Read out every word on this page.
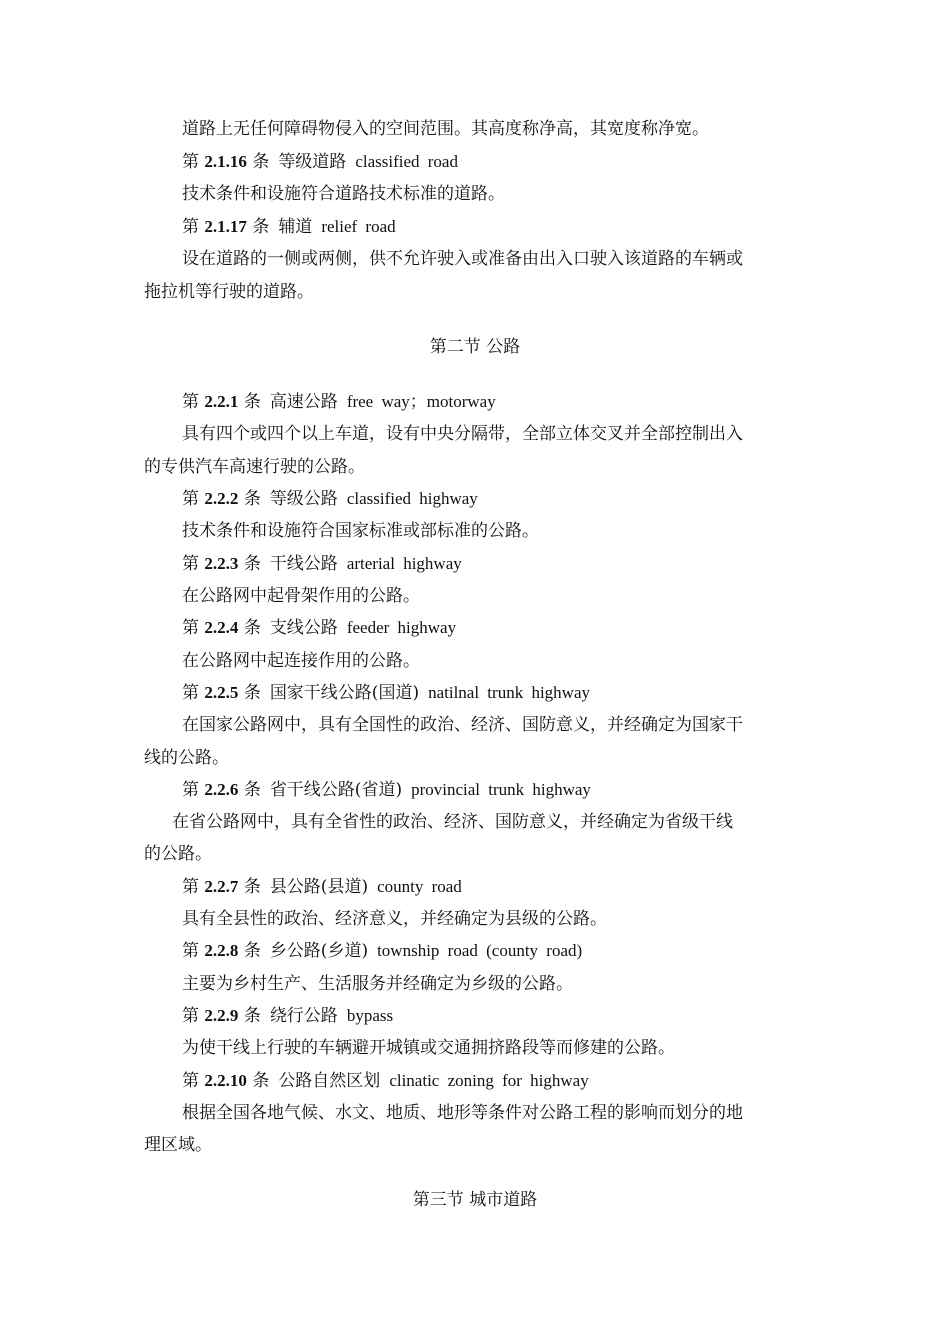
道路上无任何障碍物侵入的空间范围。其高度称净高，其宽度称净宽。
第 2.1.16 条 等级道路 classified road
技术条件和设施符合道路技术标准的道路。
第 2.1.17 条 辅道 relief road
设在道路的一侧或两侧，供不允许驶入或准备由出入口驶入该道路的车辆或
拖拉机等行驶的道路。
第二节 公路
第 2.2.1 条 高速公路 free way；motorway
具有四个或四个以上车道，设有中央分隔带，全部立体交叉并全部控制出入
的专供汽车高速行驶的公路。
第 2.2.2 条 等级公路 classified highway
技术条件和设施符合国家标准或部标准的公路。
第 2.2.3 条 干线公路 arterial highway
在公路网中起骨架作用的公路。
第 2.2.4 条 支线公路 feeder highway
在公路网中起连接作用的公路。
第 2.2.5 条 国家干线公路(国道) natilnal trunk highway
在国家公路网中，具有全国性的政治、经济、国防意义，并经确定为国家干
线的公路。
第 2.2.6 条 省干线公路(省道) provincial trunk highway
在省公路网中，具有全省性的政治、经济、国防意义，并经确定为省级干线
的公路。
第 2.2.7 条 县公路(县道) county road
具有全县性的政治、经济意义，并经确定为县级的公路。
第 2.2.8 条 乡公路(乡道) township road (county road)
主要为乡村生产、生活服务并经确定为乡级的公路。
第 2.2.9 条 绕行公路 bypass
为使干线上行驶的车辆避开城镇或交通拥挤路段等而修建的公路。
第 2.2.10 条 公路自然区划 clinatic zoning for highway
根据全国各地气候、水文、地质、地形等条件对公路工程的影响而划分的地
理区域。
第三节 城市道路
